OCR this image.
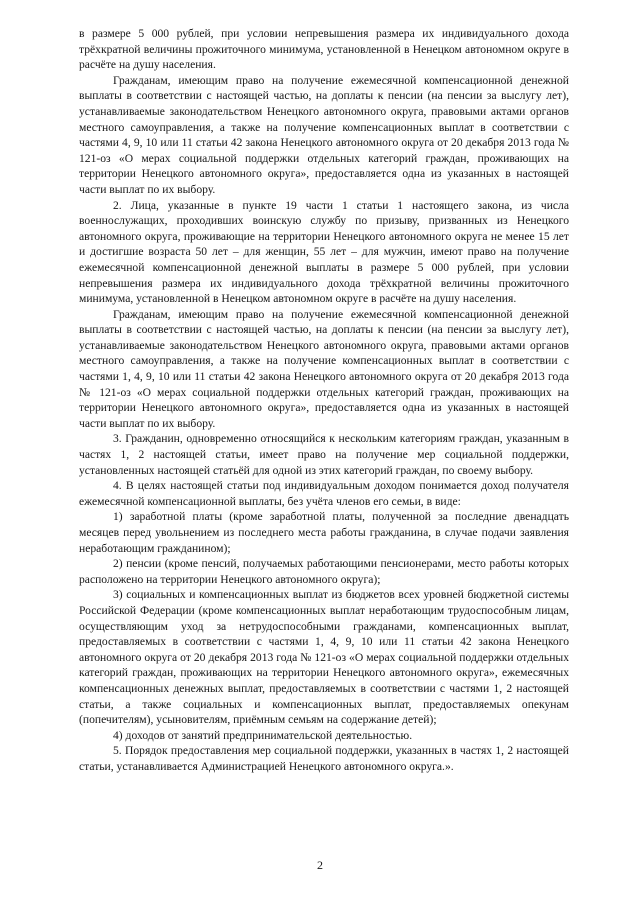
в размере 5 000 рублей, при условии непревышения размера их индивидуального дохода трёхкратной величины прожиточного минимума, установленной в Ненецком автономном округе в расчёте на душу населения.

Гражданам, имеющим право на получение ежемесячной компенсационной денежной выплаты в соответствии с настоящей частью, на доплаты к пенсии (на пенсии за выслугу лет), устанавливаемые законодательством Ненецкого автономного округа, правовыми актами органов местного самоуправления, а также на получение компенсационных выплат в соответствии с частями 4, 9, 10 или 11 статьи 42 закона Ненецкого автономного округа от 20 декабря 2013 года № 121-оз «О мерах социальной поддержки отдельных категорий граждан, проживающих на территории Ненецкого автономного округа», предоставляется одна из указанных в настоящей части выплат по их выбору.

2. Лица, указанные в пункте 19 части 1 статьи 1 настоящего закона, из числа военнослужащих, проходивших воинскую службу по призыву, призванных из Ненецкого автономного округа, проживающие на территории Ненецкого автономного округа не менее 15 лет и достигшие возраста 50 лет – для женщин, 55 лет – для мужчин, имеют право на получение ежемесячной компенсационной денежной выплаты в размере 5 000 рублей, при условии непревышения размера их индивидуального дохода трёхкратной величины прожиточного минимума, установленной в Ненецком автономном округе в расчёте на душу населения.

Гражданам, имеющим право на получение ежемесячной компенсационной денежной выплаты в соответствии с настоящей частью, на доплаты к пенсии (на пенсии за выслугу лет), устанавливаемые законодательством Ненецкого автономного округа, правовыми актами органов местного самоуправления, а также на получение компенсационных выплат в соответствии с частями 1, 4, 9, 10 или 11 статьи 42 закона Ненецкого автономного округа от 20 декабря 2013 года № 121-оз «О мерах социальной поддержки отдельных категорий граждан, проживающих на территории Ненецкого автономного округа», предоставляется одна из указанных в настоящей части выплат по их выбору.

3. Гражданин, одновременно относящийся к нескольким категориям граждан, указанным в частях 1, 2 настоящей статьи, имеет право на получение мер социальной поддержки, установленных настоящей статьёй для одной из этих категорий граждан, по своему выбору.

4. В целях настоящей статьи под индивидуальным доходом понимается доход получателя ежемесячной компенсационной выплаты, без учёта членов его семьи, в виде:

1) заработной платы (кроме заработной платы, полученной за последние двенадцать месяцев перед увольнением из последнего места работы гражданина, в случае подачи заявления неработающим гражданином);

2) пенсии (кроме пенсий, получаемых работающими пенсионерами, место работы которых расположено на территории Ненецкого автономного округа);

3) социальных и компенсационных выплат из бюджетов всех уровней бюджетной системы Российской Федерации (кроме компенсационных выплат неработающим трудоспособным лицам, осуществляющим уход за нетрудоспособными гражданами, компенсационных выплат, предоставляемых в соответствии с частями 1, 4, 9, 10 или 11 статьи 42 закона Ненецкого автономного округа от 20 декабря 2013 года № 121-оз «О мерах социальной поддержки отдельных категорий граждан, проживающих на территории Ненецкого автономного округа», ежемесячных компенсационных денежных выплат, предоставляемых в соответствии с частями 1, 2 настоящей статьи, а также социальных и компенсационных выплат, предоставляемых опекунам (попечителям), усыновителям, приёмным семьям на содержание детей);

4) доходов от занятий предпринимательской деятельностью.

5. Порядок предоставления мер социальной поддержки, указанных в частях 1, 2 настоящей статьи, устанавливается Администрацией Ненецкого автономного округа.».

2
